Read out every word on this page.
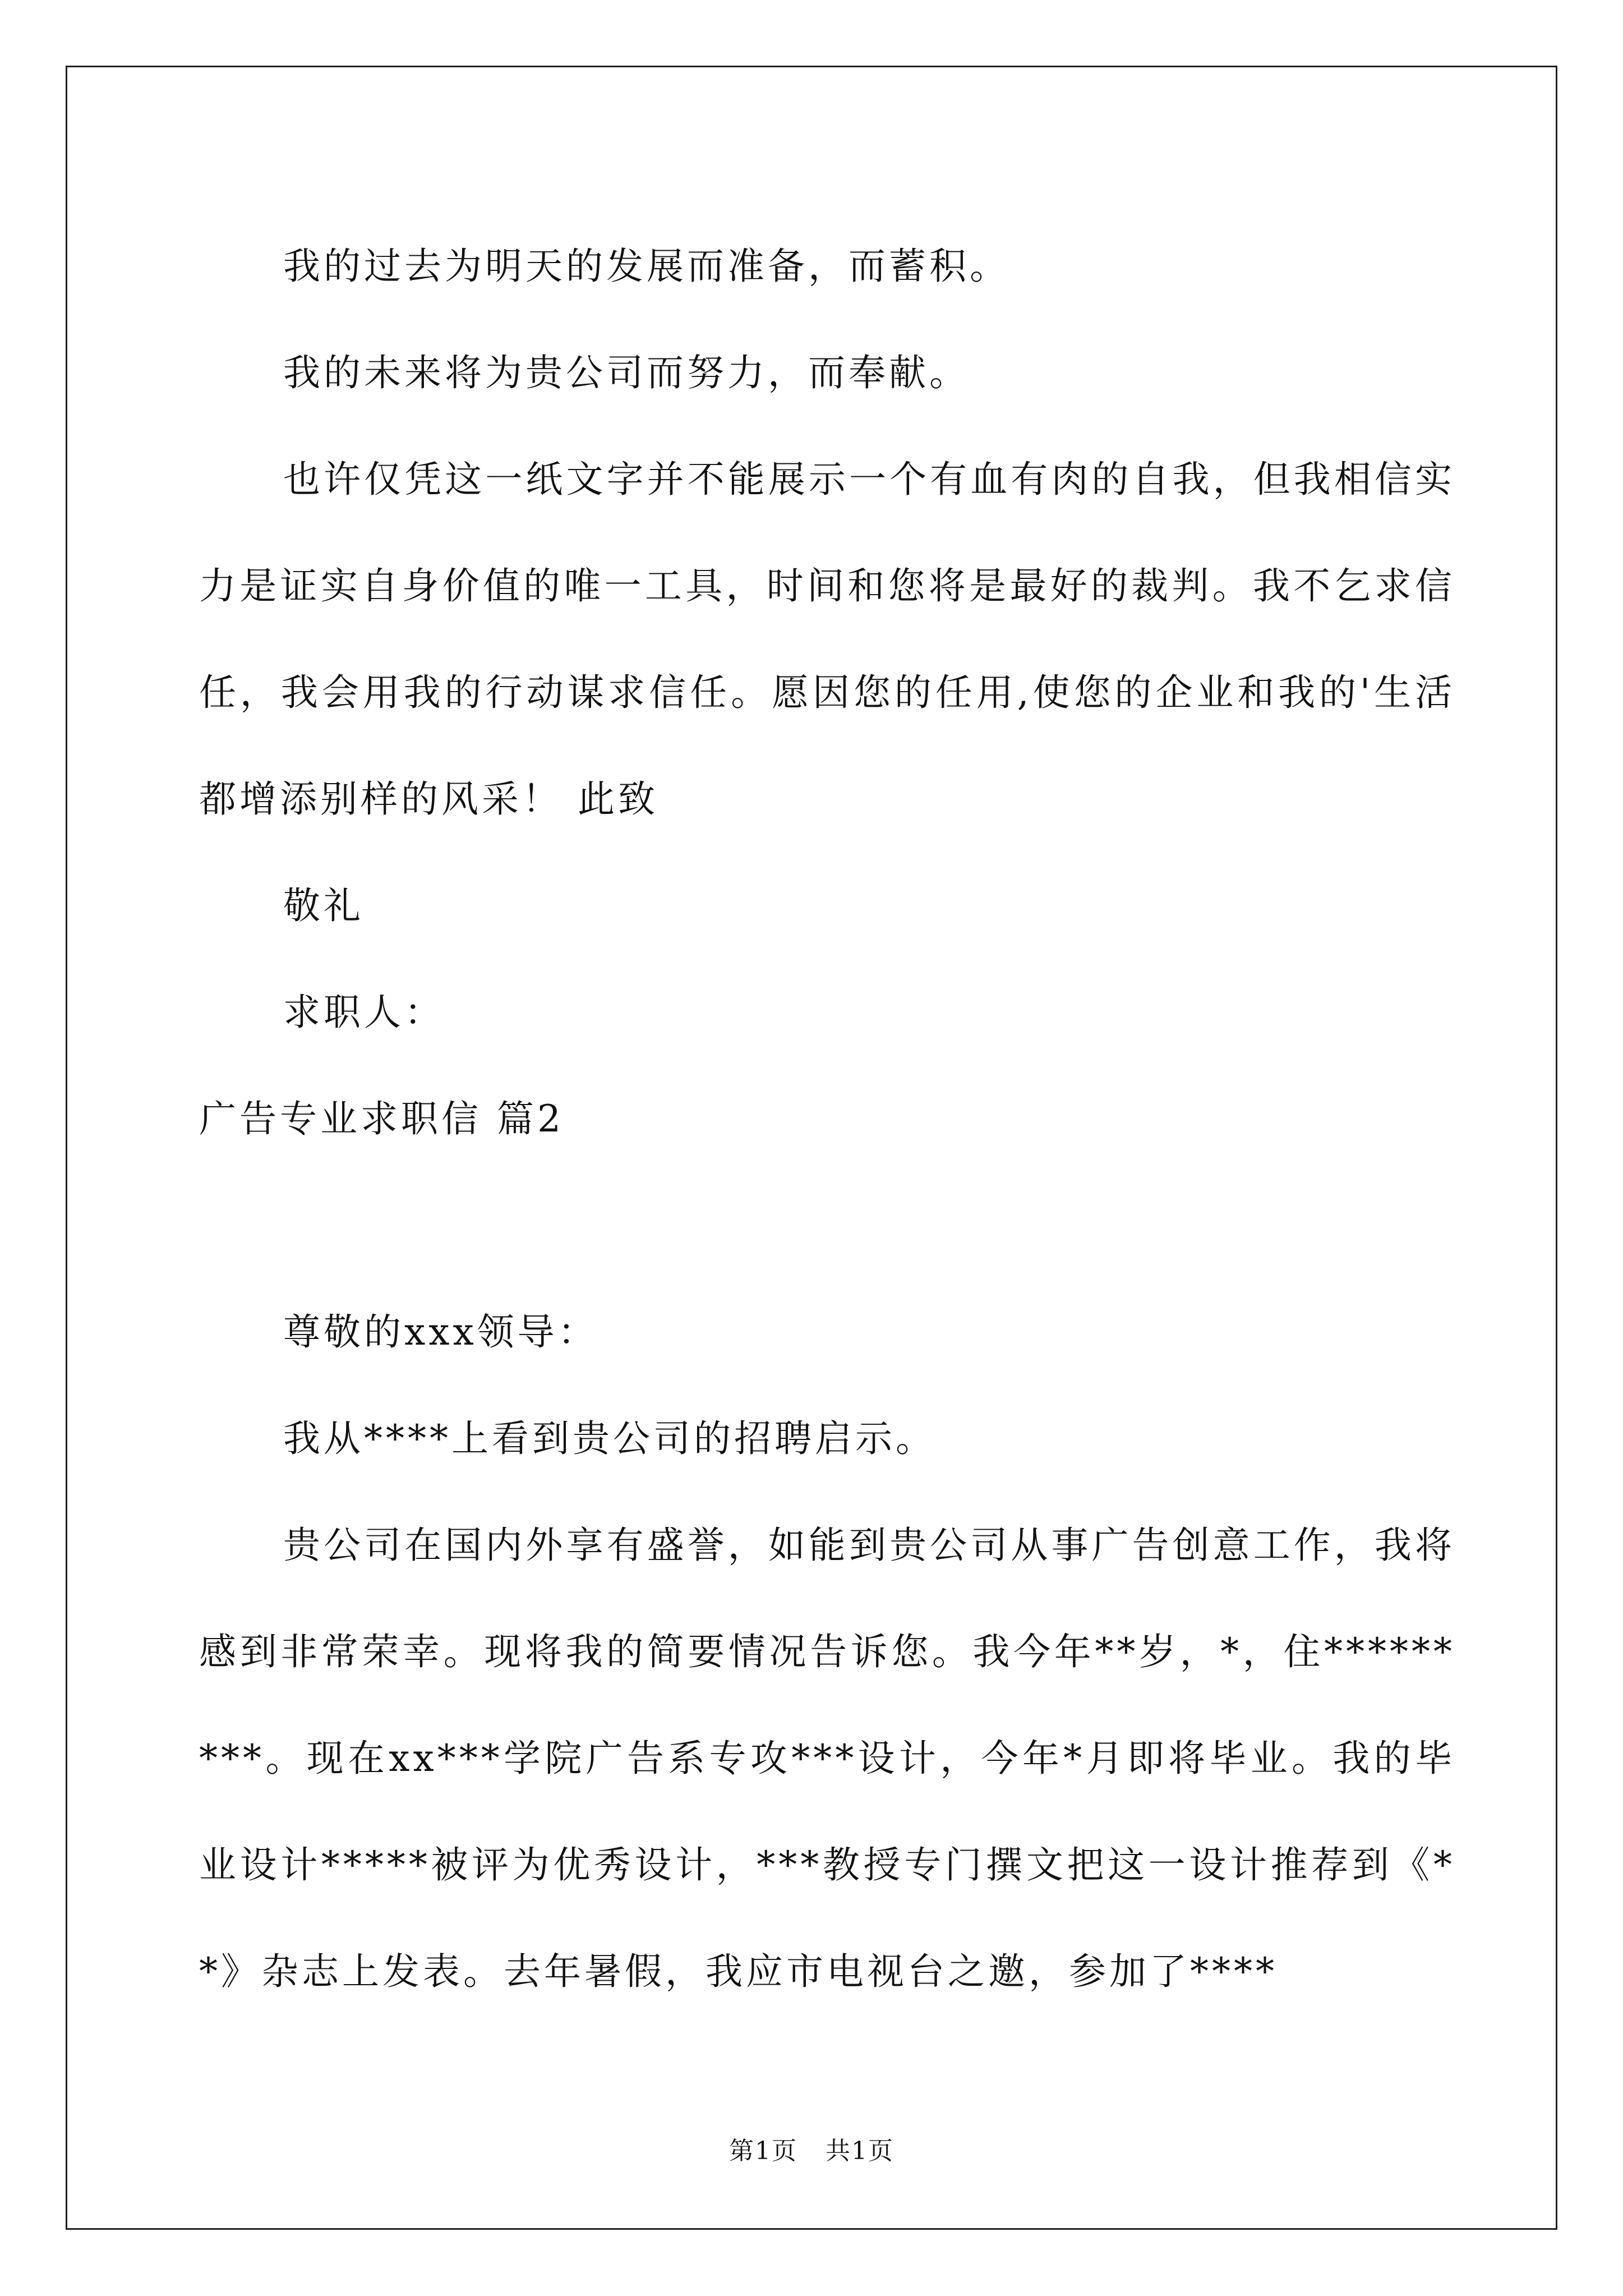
我的过去为明天的发展而准备，而蓄积。

我的未来将为贵公司而努力，而奉献。

也许仅凭这一纸文字并不能展示一个有血有肉的自我，但我相信实力是证实自身价值的唯一工具，时间和您将是最好的裁判。我不乞求信任，我会用我的行动谋求信任。愿因您的任用,使您的企业和我的'生活都增添别样的风采！ 此致

敬礼

求职人：

广告专业求职信 篇2

尊敬的xxx领导：

我从****上看到贵公司的招聘启示。

贵公司在国内外享有盛誉，如能到贵公司从事广告创意工作，我将感到非常荣幸。现将我的简要情况告诉您。我今年**岁，*，住*********。现在xx***学院广告系专攻***设计，今年*月即将毕业。我的毕业设计*****被评为优秀设计，***教授专门撰文把这一设计推荐到《**》杂志上发表。去年暑假，我应市电视台之邀，参加了****

第1页 共1页
